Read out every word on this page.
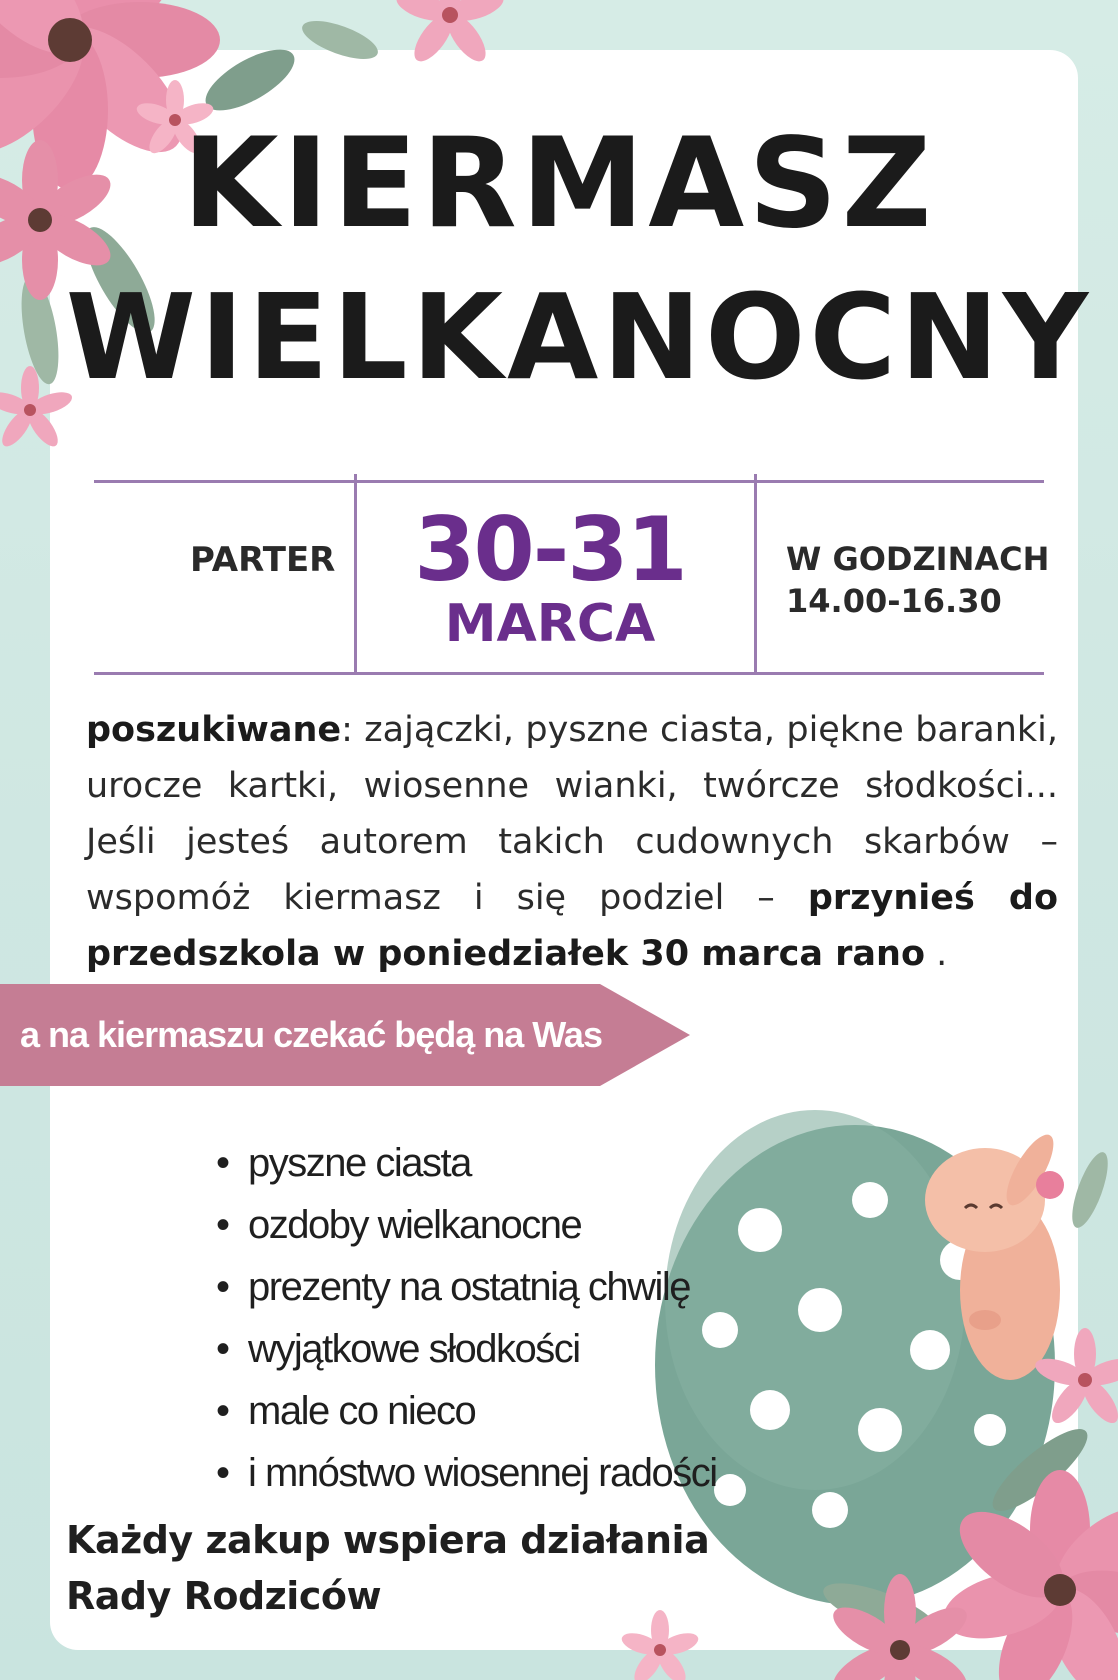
KIERMASZ
WIELKANOCNY
PARTER 30-31
MARCA
W GODZINACH
14.00-16.30
poszukiwane: zajączki, pyszne ciasta, piękne baranki, urocze kartki, wiosenne wianki, twórcze słodkości... Jeśli jesteś autorem takich cudownych skarbów – wspomóż kiermasz i się podziel – przynieś do przedszkola w poniedziałek 30 marca rano .
a na kiermaszu czekać będą na Was
• pyszne ciasta
• ozdoby wielkanocne
• prezenty na ostatnią chwilę
• wyjątkowe słodkości
• male co nieco
• i mnóstwo wiosennej radości
Każdy zakup wspiera działania
Rady Rodziców
